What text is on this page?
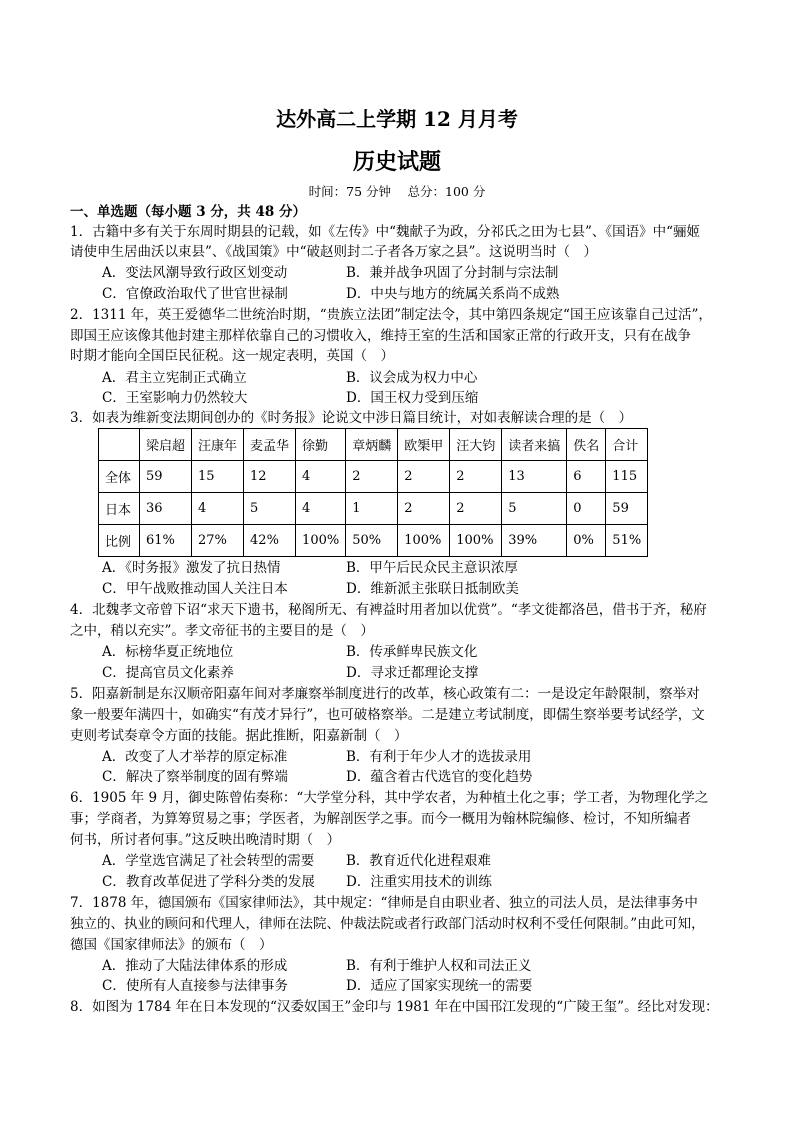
达外高二上学期 12 月月考
历史试题
时间：75 分钟　 总分：100 分
一、单选题（每小题 3 分，共 48 分）
1．古籍中多有关于东周时期县的记载，如《左传》中“魏献子为政，分祁氏之田为七县”、《国语》中“骊姬
请使申生居曲沃以束县”、《战国策》中“破赵则封二子者各万家之县”。这说明当时（　）
A．变法风潮导致行政区划变动	B．兼并战争巩固了分封制与宗法制
C．官僚政治取代了世官世禄制	D．中央与地方的统属关系尚不成熟
2．1311 年，英王爱德华二世统治时期，“贵族立法团”制定法令，其中第四条规定“国王应该靠自己过活”，
即国王应该像其他封建主那样依靠自己的习惯收入，维持王室的生活和国家正常的行政开支，只有在战争
时期才能向全国臣民征税。这一规定表明，英国（　）
A．君主立宪制正式确立	B．议会成为权力中心
C．王室影响力仍然较大	D．国王权力受到压缩
3．如表为维新变法期间创办的《时务报》论说文中涉日篇目统计，对如表解读合理的是（　）
	梁启超	汪康年	麦孟华	徐勤	章炳麟	欧榘甲	汪大钧	读者来搞	佚名	合计
全体	59	15	12	4	2	2	2	13	6	115
日本	36	4	5	4	1	2	2	5	0	59
比例	61%	27%	42%	100%	50%	100%	100%	39%	0%	51%
A．《时务报》激发了抗日热情	B．甲午后民众民主意识浓厚
C．甲午战败推动国人关注日本	D．维新派主张联日抵制欧美
4．北魏孝文帝曾下诏“求天下遗书，秘阁所无、有裨益时用者加以优赏”。“孝文徙都洛邑，借书于齐，秘府
之中，稍以充实”。孝文帝征书的主要目的是（　）
A．标榜华夏正统地位	B．传承鲜卑民族文化
C．提高官员文化素养	D．寻求迁都理论支撑
5．阳嘉新制是东汉顺帝阳嘉年间对孝廉察举制度进行的改革，核心政策有二：一是设定年龄限制，察举对
象一般要年满四十，如确实“有茂才异行”，也可破格察举。二是建立考试制度，即儒生察举要考试经学，文
吏则考试奏章令方面的技能。据此推断，阳嘉新制（　）
A．改变了人才举荐的原定标准	B．有利于年少人才的选拔录用
C．解决了察举制度的固有弊端	D．蕴含着古代选官的变化趋势
6．1905 年 9 月，御史陈曾佑奏称：“大学堂分科，其中学农者，为种植土化之事；学工者，为物理化学之
事；学商者，为算筹贸易之事；学医者，为解剖医学之事。而今一概用为翰林院编修、检讨，不知所编者
何书，所讨者何事。”这反映出晚清时期（　）
A．学堂选官满足了社会转型的需要 B．教育近代化进程艰难
C．教育改革促进了学科分类的发展 D．注重实用技术的训练
7．1878 年，德国颁布《国家律师法》，其中规定：“律师是自由职业者、独立的司法人员，是法律事务中
独立的、执业的顾问和代理人，律师在法院、仲裁法院或者行政部门活动时权利不受任何限制。”由此可知，
德国《国家律师法》的颁布（　）
A．推动了大陆法律体系的形成	B．有利于维护人权和司法正义
C．使所有人直接参与法律事务	D．适应了国家实现统一的需要
8．如图为 1784 年在日本发现的“汉委奴国王”金印与 1981 年在中国邗江发现的“广陵王玺”。经比对发现：
